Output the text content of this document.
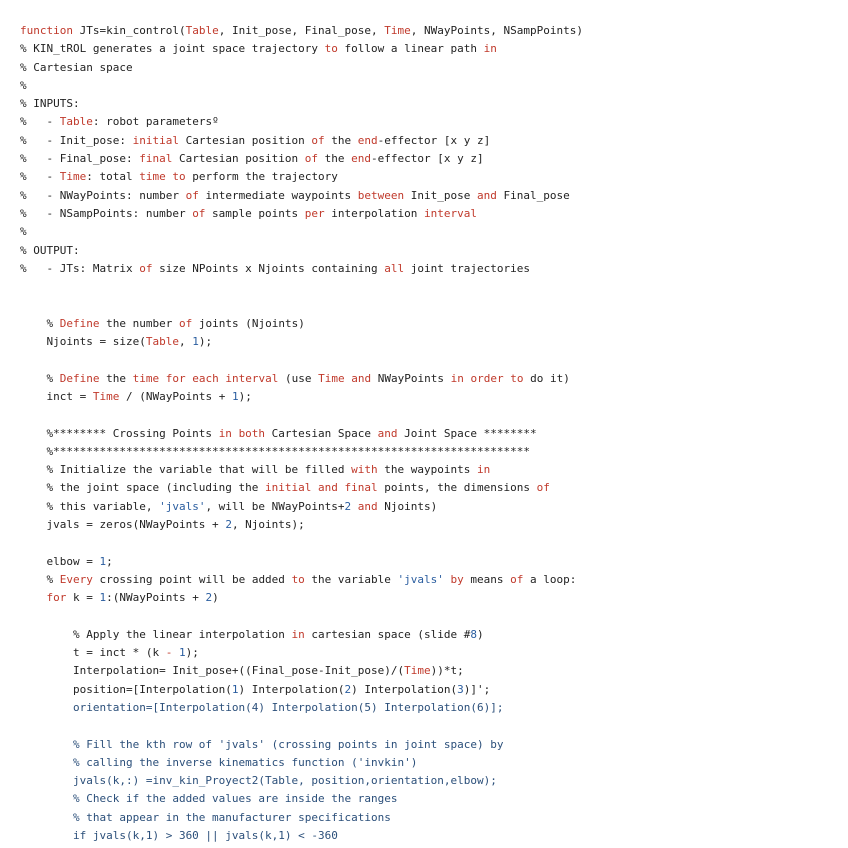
function JTs=kin_control(Table, Init_pose, Final_pose, Time, NWayPoints, NSampPoints)
% KIN_tROL generates a joint space trajectory to follow a linear path in
% Cartesian space
%
% INPUTS:
%   - Table: robot parametersº
%   - Init_pose: initial Cartesian position of the end-effector [x y z]
%   - Final_pose: final Cartesian position of the end-effector [x y z]
%   - Time: total time to perform the trajectory
%   - NWayPoints: number of intermediate waypoints between Init_pose and Final_pose
%   - NSampPoints: number of sample points per interpolation interval
%
% OUTPUT:
%   - JTs: Matrix of size NPoints x Njoints containing all joint trajectories

% Define the number of joints (Njoints)
Njoints = size(Table, 1);

% Define the time for each interval (use Time and NWayPoints in order to do it)
inct = Time / (NWayPoints + 1);

%******** Crossing Points in both Cartesian Space and Joint Space ********
%************************************************************************
% Initialize the variable that will be filled with the waypoints in
% the joint space (including the initial and final points, the dimensions of
% this variable, 'jvals', will be NWayPoints+2 and Njoints)
jvals = zeros(NWayPoints + 2, Njoints);

elbow = 1;
% Every crossing point will be added to the variable 'jvals' by means of a loop:
for k = 1:(NWayPoints + 2)

% Apply the linear interpolation in cartesian space (slide #8)
t = inct * (k - 1);
Interpolation= Init_pose+((Final_pose-Init_pose)/(Time))*t;
position=[Interpolation(1) Interpolation(2) Interpolation(3)]';
orientation=[Interpolation(4) Interpolation(5) Interpolation(6)];

% Fill the kth row of 'jvals' (crossing points in joint space) by
% calling the inverse kinematics function ('invkin')
jvals(k,:) =inv_kin_Proyect2(Table, position,orientation,elbow);
% Check if the added values are inside the ranges
% that appear in the manufacturer specifications
if jvals(k,1) > 360 || jvals(k,1) < -360
